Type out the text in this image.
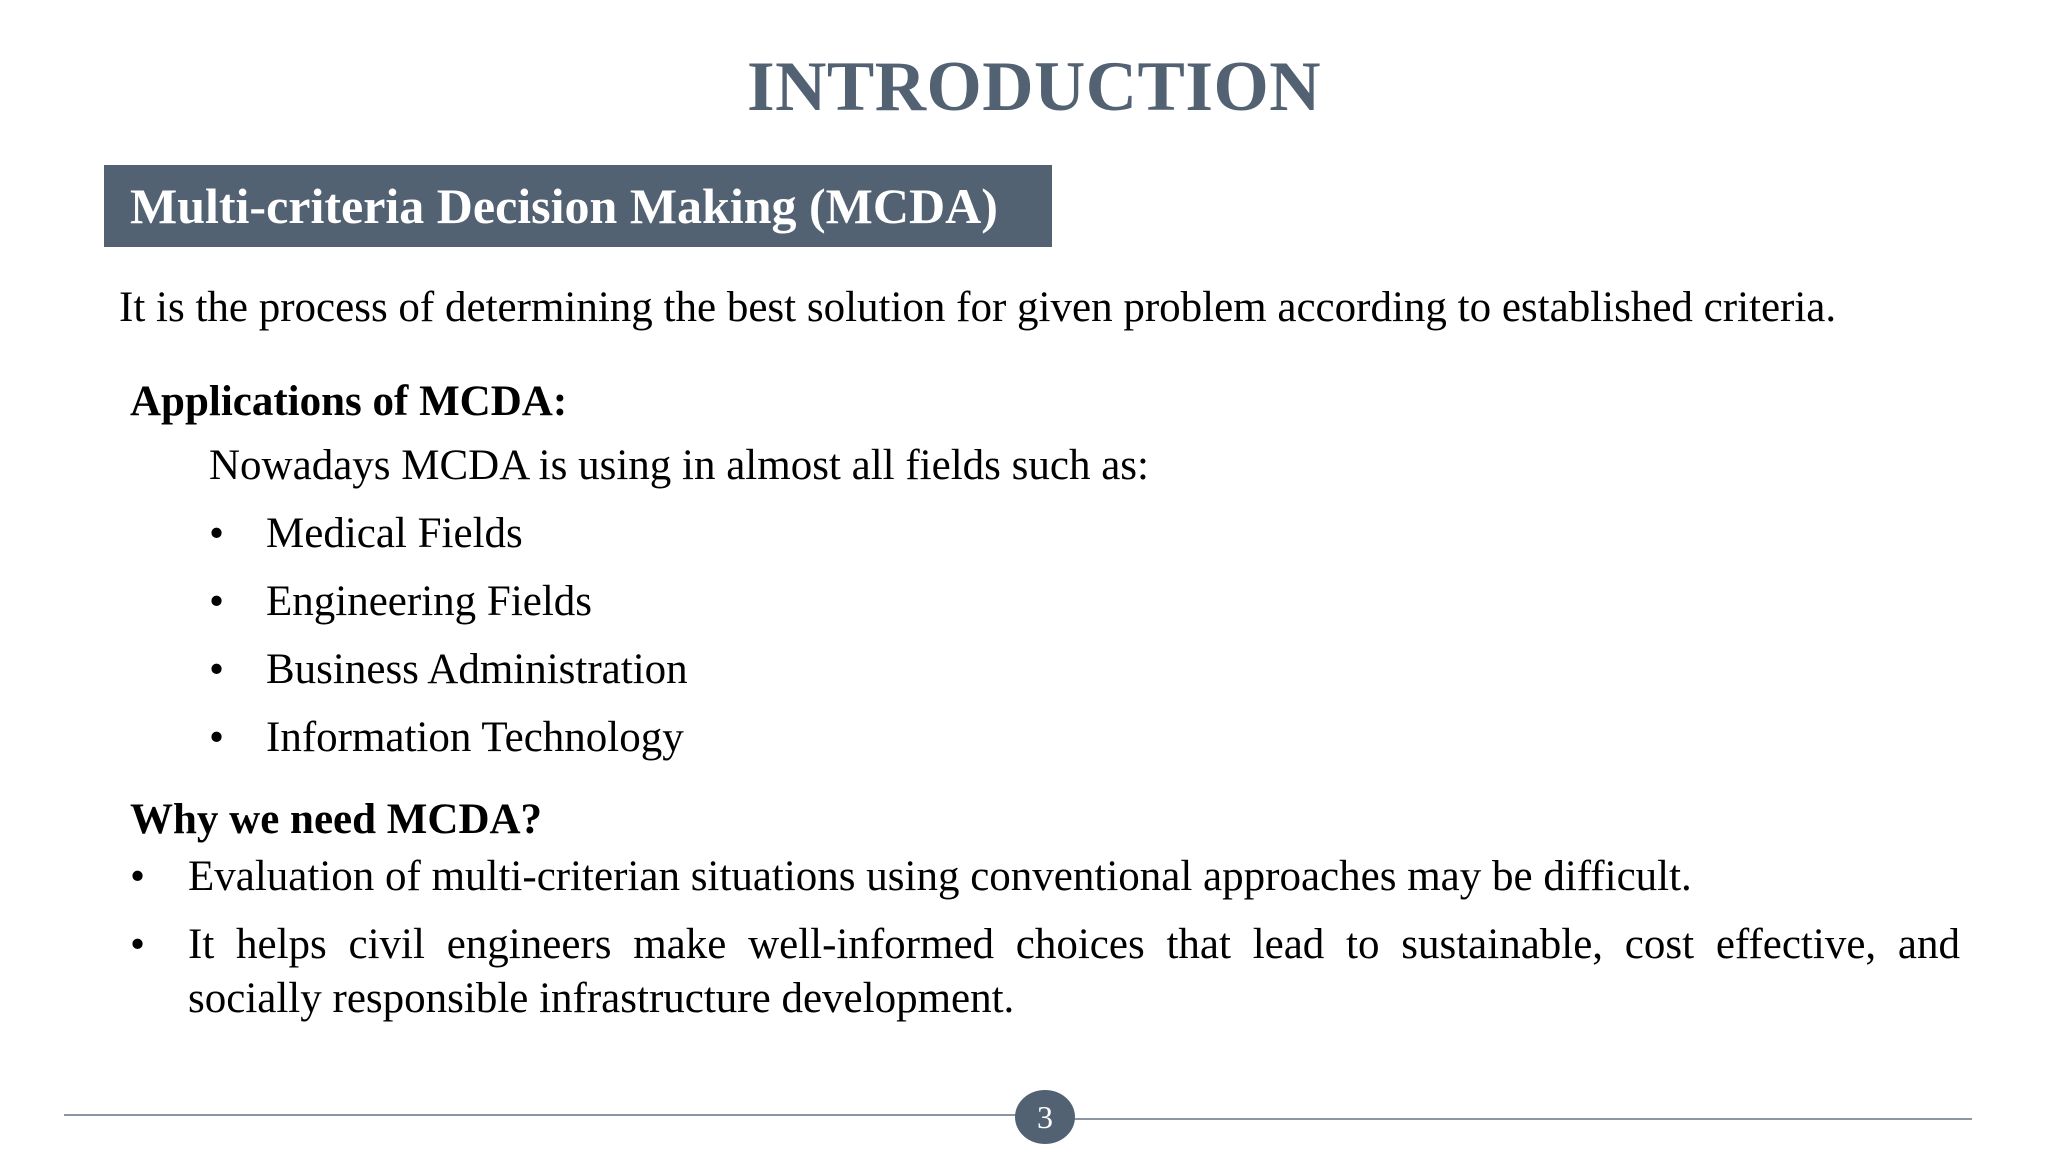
INTRODUCTION
Multi-criteria Decision Making (MCDA)
It is the process of determining the best solution for given problem according to established criteria.
Applications of MCDA:
Nowadays MCDA is using in almost all fields such as:
• Medical Fields
• Engineering Fields
• Business Administration
• Information Technology
Why we need MCDA?
• Evaluation of multi-criterian situations using conventional approaches may be difficult.
• It helps civil engineers make well-informed choices that lead to sustainable, cost effective, and socially responsible infrastructure development.
3
